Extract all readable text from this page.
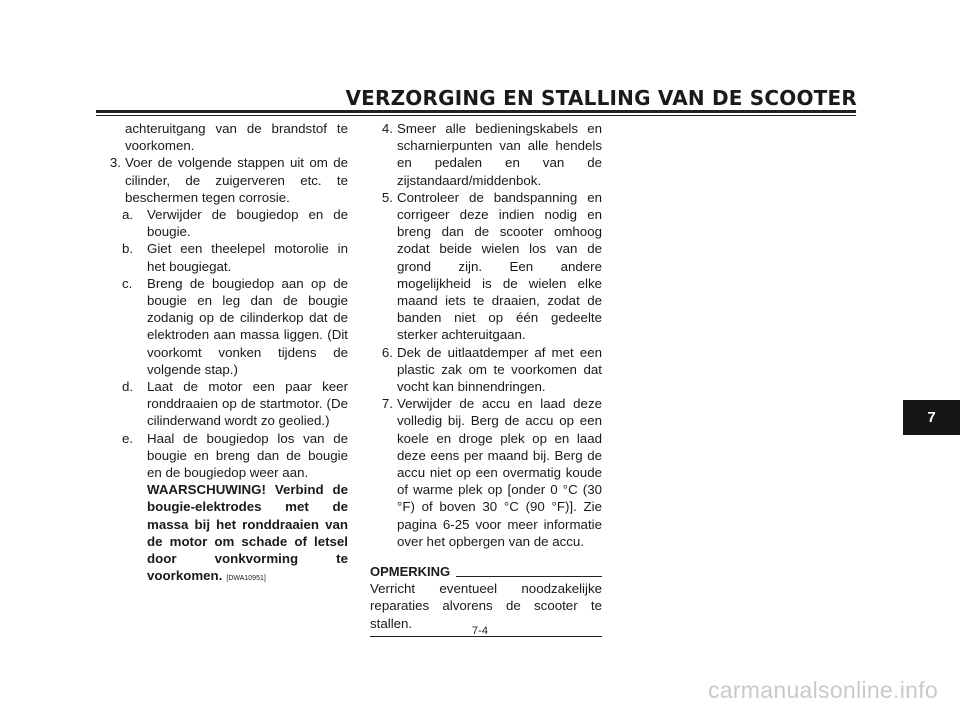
VERZORGING EN STALLING VAN DE SCOOTER
achteruitgang van de brandstof te voorkomen.
3. Voer de volgende stappen uit om de cilinder, de zuigerveren etc. te beschermen tegen corrosie.
a.	Verwijder de bougiedop en de bougie.
b.	Giet een theelepel motorolie in het bougiegat.
c.	Breng de bougiedop aan op de bougie en leg dan de bougie zodanig op de cilinderkop dat de elektroden aan massa liggen. (Dit voorkomt vonken tijdens de volgende stap.)
d.	Laat de motor een paar keer ronddraaien op de startmotor. (De cilinderwand wordt zo geolied.)
e.	Haal de bougiedop los van de bougie en breng dan de bougie en de bougiedop weer aan.
WAARSCHUWING! Verbind de bougie-elektrodes met de massa bij het ronddraaien van de motor om schade of letsel door vonkvorming te voorkomen. [DWA10951]
4. Smeer alle bedieningskabels en scharnierpunten van alle hendels en pedalen en van de zijstandaard/middenbok.
5. Controleer de bandspanning en corrigeer deze indien nodig en breng dan de scooter omhoog zodat beide wielen los van de grond zijn. Een andere mogelijkheid is de wielen elke maand iets te draaien, zodat de banden niet op één gedeelte sterker achteruitgaan.
6. Dek de uitlaatdemper af met een plastic zak om te voorkomen dat vocht kan binnendringen.
7. Verwijder de accu en laad deze volledig bij. Berg de accu op een koele en droge plek op en laad deze eens per maand bij. Berg de accu niet op een overmatig koude of warme plek op [onder 0 °C (30 °F) of boven 30 °C (90 °F)]. Zie pagina 6-25 voor meer informatie over het opbergen van de accu.
OPMERKING
Verricht eventueel noodzakelijke reparaties alvorens de scooter te stallen.
7
7-4
carmanualsonline.info
